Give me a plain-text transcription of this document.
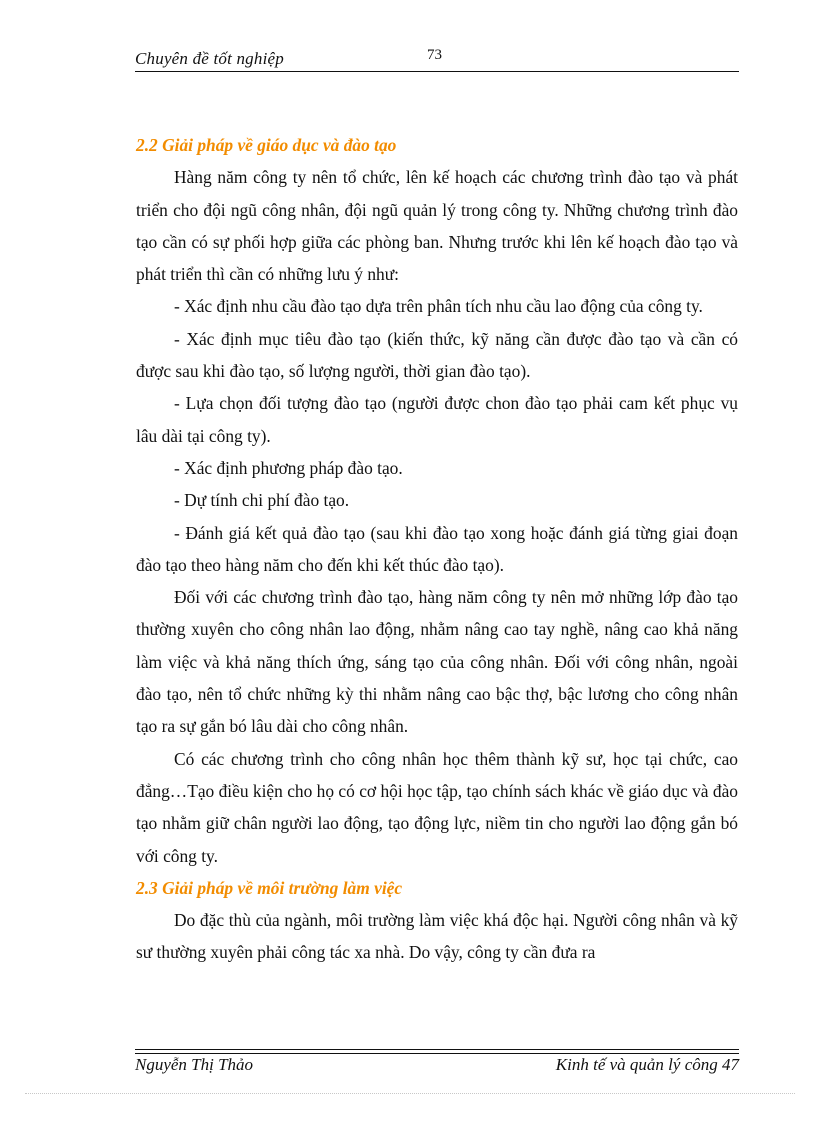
Chuyên đề tốt nghiệp	73

2.2 Giải pháp về giáo dục và đào tạo

Hàng năm công ty nên tổ chức, lên kế hoạch các chương trình đào tạo và phát triển cho đội ngũ công nhân, đội ngũ quản lý trong công ty. Những chương trình đào tạo cần có sự phối hợp giữa các phòng ban. Nhưng trước khi lên kế hoạch đào tạo và phát triển thì cần có những lưu ý như:

- Xác định nhu cầu đào tạo dựa trên phân tích nhu cầu lao động của công ty.

- Xác định mục tiêu đào tạo (kiến thức, kỹ năng cần được đào tạo và cần có được sau khi đào tạo, số lượng người, thời gian đào tạo).

- Lựa chọn đối tượng đào tạo (người được chon đào tạo phải cam kết phục vụ lâu dài tại công ty).

- Xác định phương pháp đào tạo.

- Dự tính chi phí đào tạo.

- Đánh giá kết quả đào tạo (sau khi đào tạo xong hoặc đánh giá từng giai đoạn đào tạo theo hàng năm cho đến khi kết thúc đào tạo).

Đối với các chương trình đào tạo, hàng năm công ty nên mở những lớp đào tạo thường xuyên cho công nhân lao động, nhằm nâng cao tay nghề, nâng cao khả năng làm việc và khả năng thích ứng, sáng tạo của công nhân. Đối với công nhân, ngoài đào tạo, nên tổ chức những kỳ thi nhằm nâng cao bậc thợ, bậc lương cho công nhân tạo ra sự gắn bó lâu dài cho công nhân.

Có các chương trình cho công nhân học thêm thành kỹ sư, học tại chức, cao đẳng…Tạo điều kiện cho họ có cơ hội học tập, tạo chính sách khác về giáo dục và đào tạo nhằm giữ chân người lao động, tạo động lực, niềm tin cho người lao động gắn bó với công ty.

2.3 Giải pháp về môi trường làm việc

Do đặc thù của ngành, môi trường làm việc khá độc hại. Người công nhân và kỹ sư thường xuyên phải công tác xa nhà. Do vậy, công ty cần đưa ra

Nguyễn Thị Thảo	Kinh tế và quản lý công 47
